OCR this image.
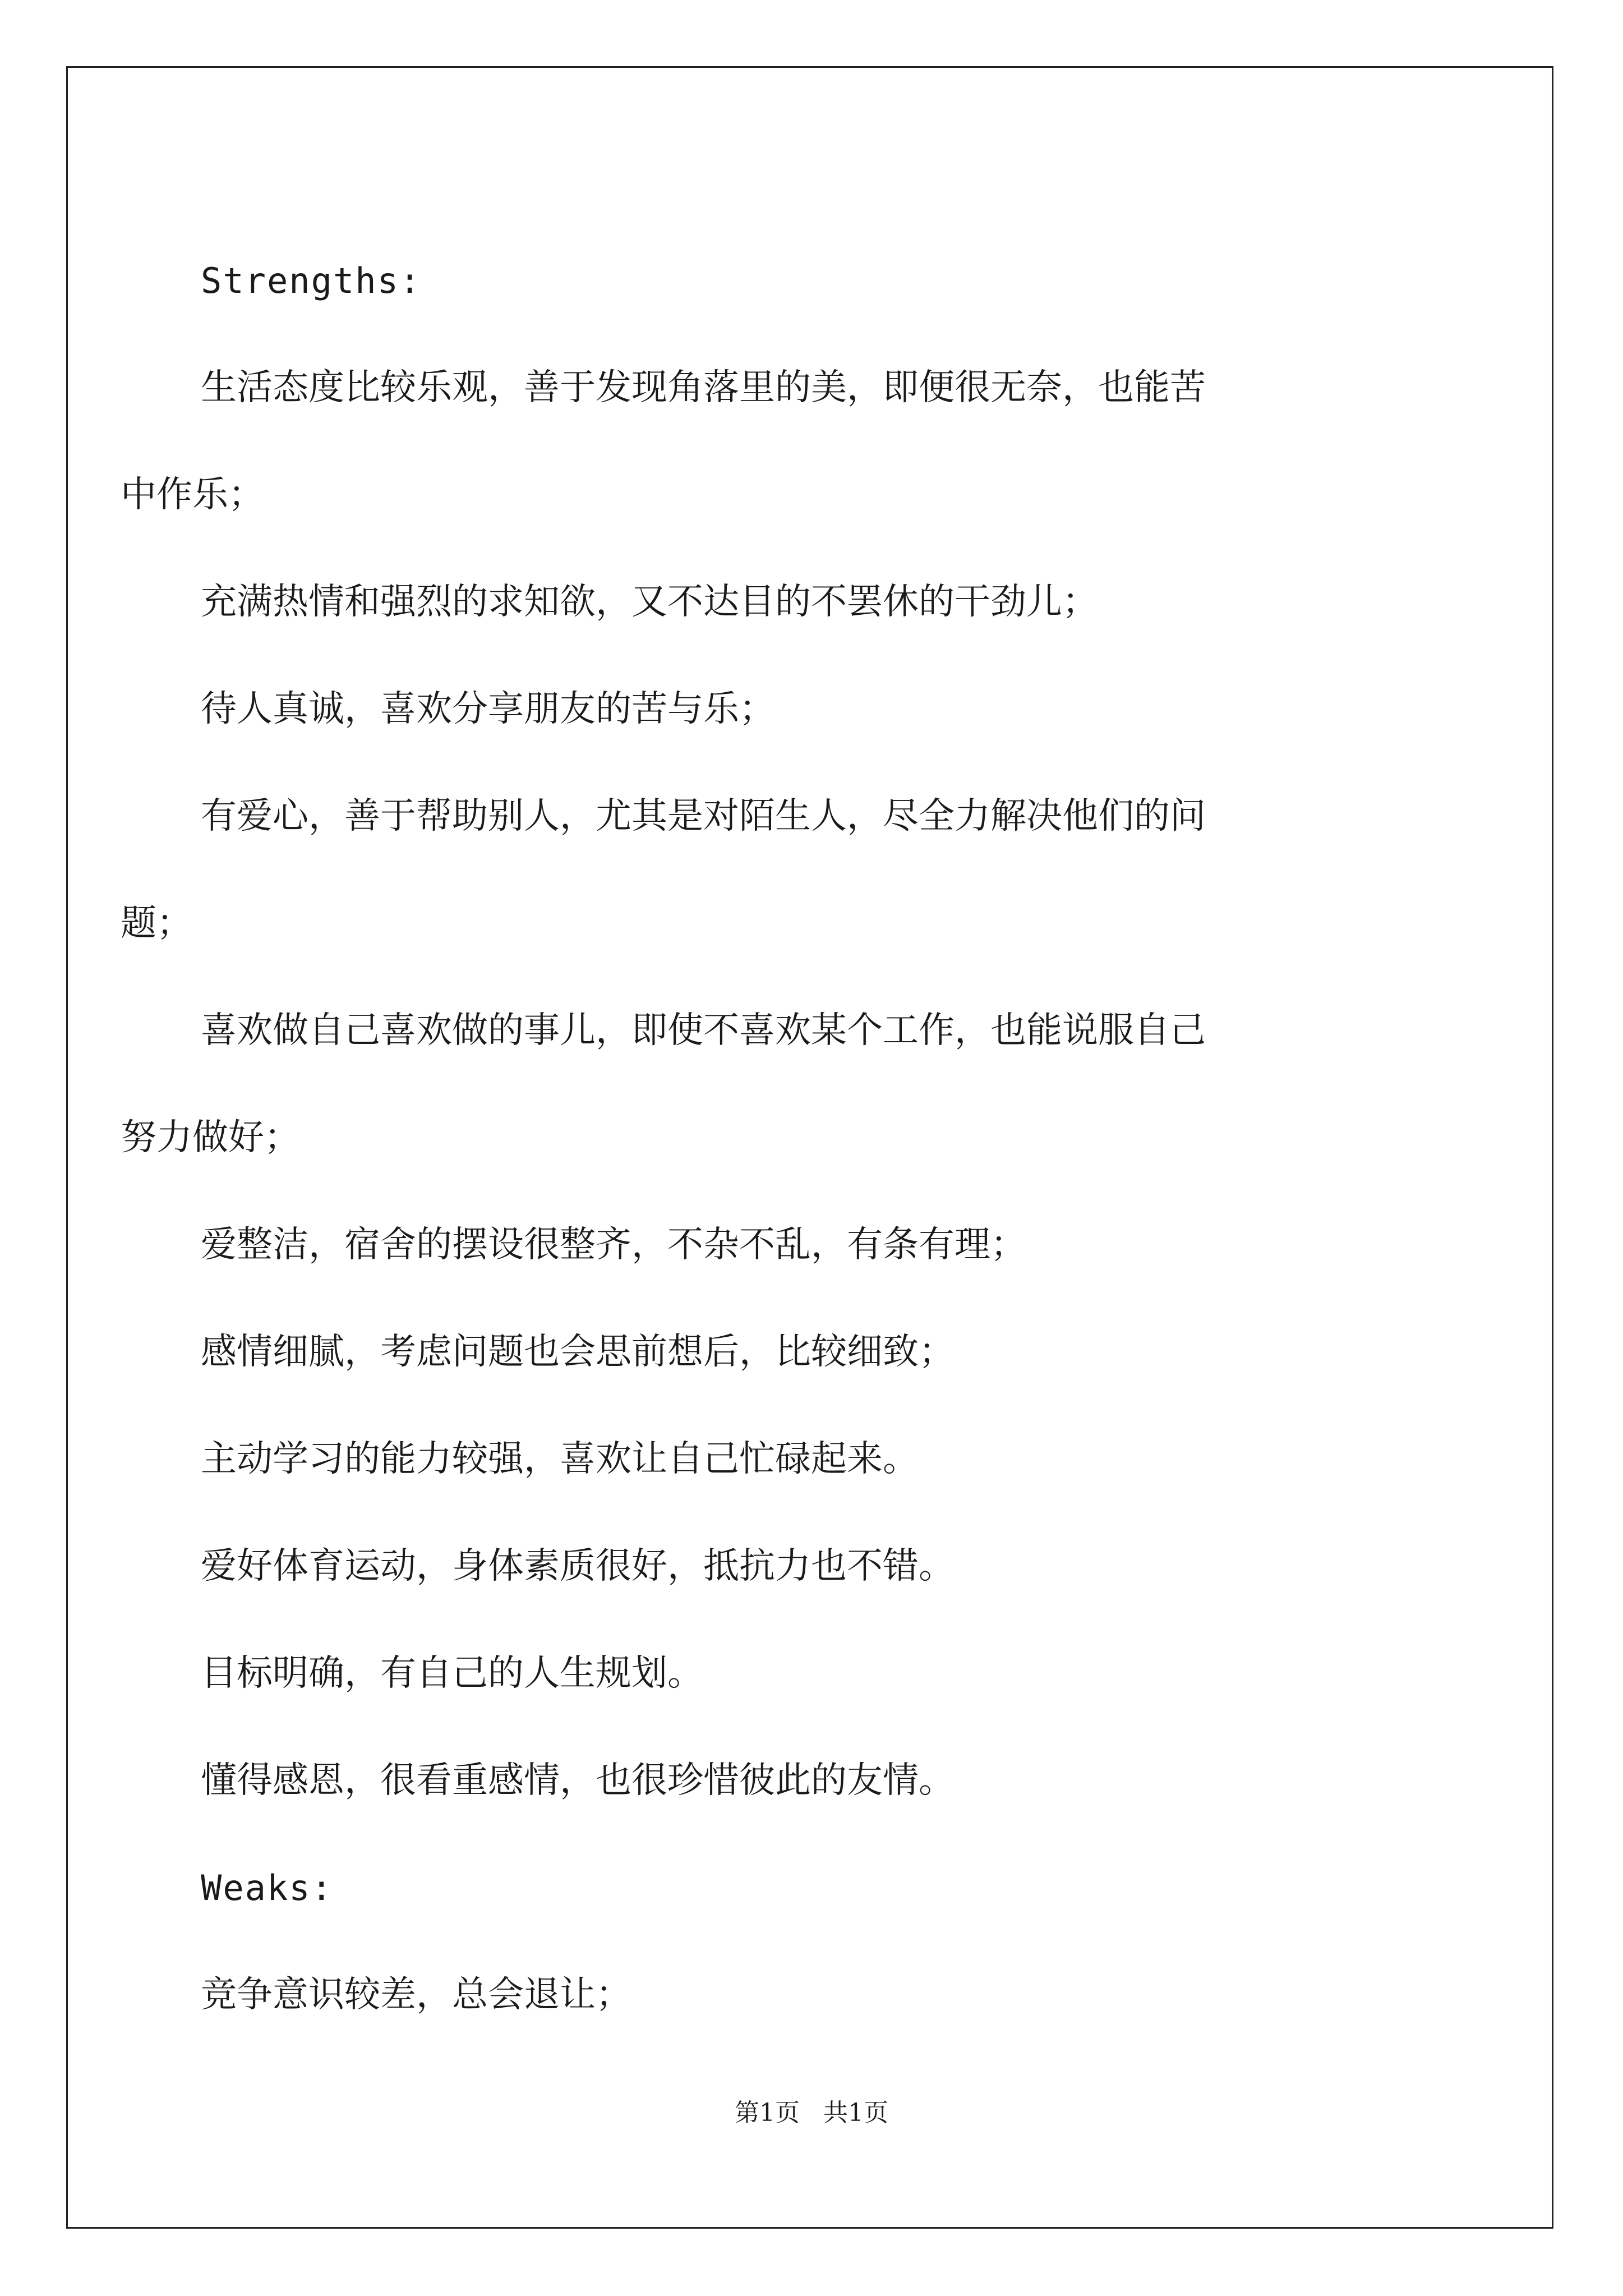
Strengths:

生活态度比较乐观，善于发现角落里的美，即便很无奈，也能苦

中作乐；

充满热情和强烈的求知欲，又不达目的不罢休的干劲儿；

待人真诚，喜欢分享朋友的苦与乐；

有爱心，善于帮助别人，尤其是对陌生人，尽全力解决他们的问

题；

喜欢做自己喜欢做的事儿，即使不喜欢某个工作，也能说服自己

努力做好；

爱整洁，宿舍的摆设很整齐，不杂不乱，有条有理；

感情细腻，考虑问题也会思前想后，比较细致；

主动学习的能力较强，喜欢让自己忙碌起来。

爱好体育运动，身体素质很好，抵抗力也不错。

目标明确，有自己的人生规划。

懂得感恩，很看重感情，也很珍惜彼此的友情。

Weaks:

竞争意识较差，总会退让；

第1页 共1页
